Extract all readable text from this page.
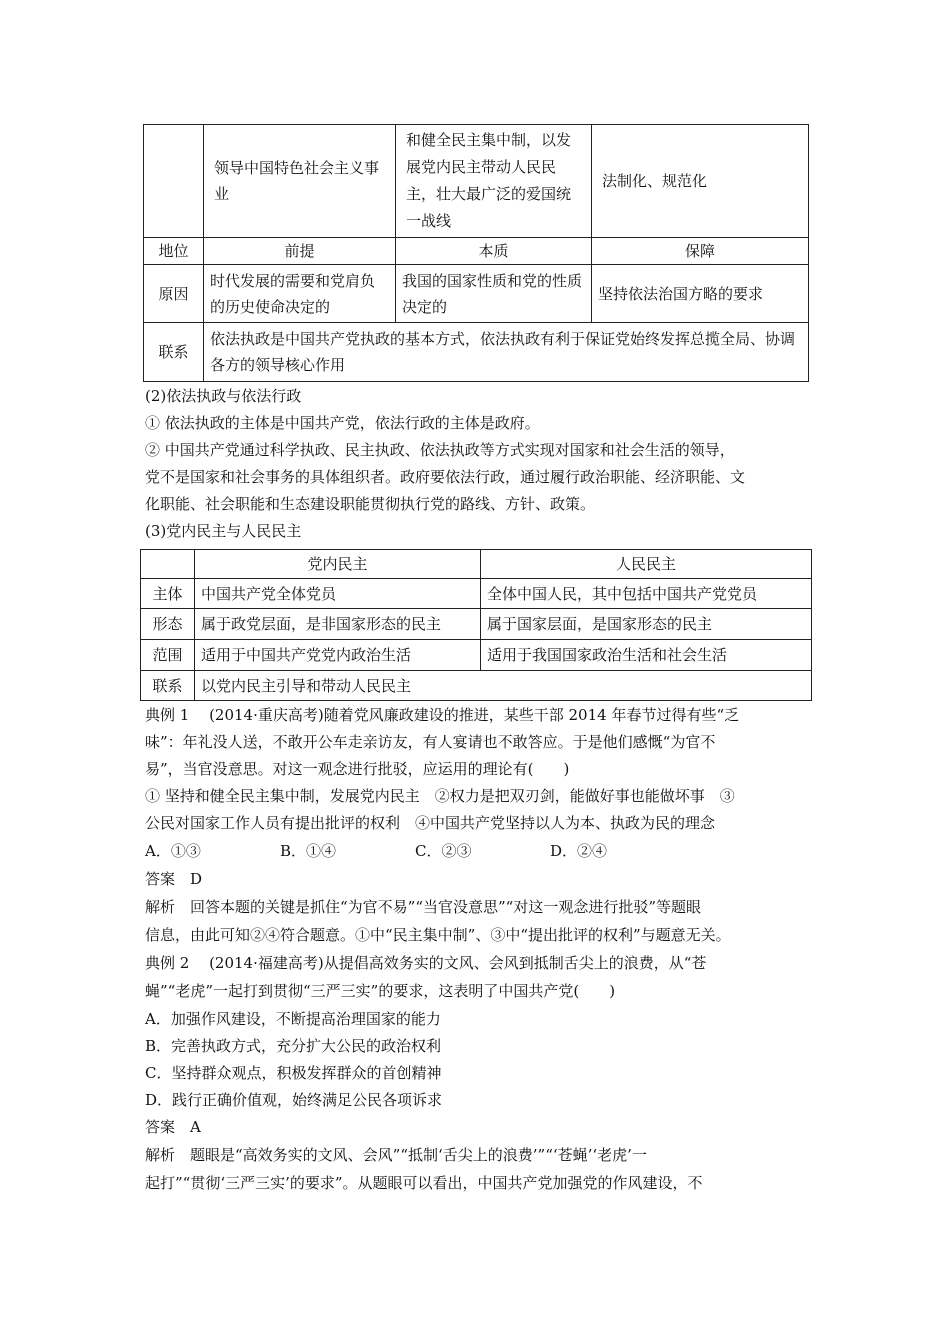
	领导中国特色社会主义事业	和健全民主集中制，以发展党内民主带动人民民主，壮大最广泛的爱国统一战线	法制化、规范化
地位	前提	本质	保障
原因	时代发展的需要和党肩负的历史使命决定的	我国的国家性质和党的性质决定的	坚持依法治国方略的要求
联系	依法执政是中国共产党执政的基本方式，依法执政有利于保证党始终发挥总揽全局、协调各方的领导核心作用		
(2)依法执政与依法行政
① 依法执政的主体是中国共产党，依法行政的主体是政府。
② 中国共产党通过科学执政、民主执政、依法执政等方式实现对国家和社会生活的领导，
党不是国家和社会事务的具体组织者。政府要依法行政，通过履行政治职能、经济职能、文
化职能、社会职能和生态建设职能贯彻执行党的路线、方针、政策。
(3)党内民主与人民民主
	党内民主	人民民主
主体	中国共产党全体党员	全体中国人民，其中包括中国共产党党员
形态	属于政党层面，是非国家形态的民主	属于国家层面，是国家形态的民主
范围	适用于中国共产党党内政治生活	适用于我国国家政治生活和社会生活
联系	以党内民主引导和带动人民民主	
典例 1　 (2014·重庆高考)随着党风廉政建设的推进，某些干部 2014 年春节过得有些“乏
味”：年礼没人送，不敢开公车走亲访友，有人宴请也不敢答应。于是他们感慨“为官不
易”，当官没意思。对这一观念进行批驳，应运用的理论有(　　)
① 坚持和健全民主集中制，发展党内民主　②权力是把双刃剑，能做好事也能做坏事　③
公民对国家工作人员有提出批评的权利　④中国共产党坚持以人为本、执政为民的理念
A．①③	B．①④	C．②③	D．②④
答案　D
解析　回答本题的关键是抓住“为官不易”“当官没意思”“对这一观念进行批驳”等题眼
信息，由此可知②④符合题意。①中“民主集中制”、③中“提出批评的权利”与题意无关。
典例 2　 (2014·福建高考)从提倡高效务实的文风、会风到抵制舌尖上的浪费，从“苍
蝇”“老虎”一起打到贯彻“三严三实”的要求，这表明了中国共产党(　　)
A．加强作风建设，不断提高治理国家的能力
B．完善执政方式，充分扩大公民的政治权利
C．坚持群众观点，积极发挥群众的首创精神
D．践行正确价值观，始终满足公民各项诉求
答案　A
解析　题眼是“高效务实的文风、会风”“抵制‘舌尖上的浪费’”“‘苍蝇’‘老虎’一
起打”“贯彻‘三严三实’的要求”。从题眼可以看出，中国共产党加强党的作风建设，不
